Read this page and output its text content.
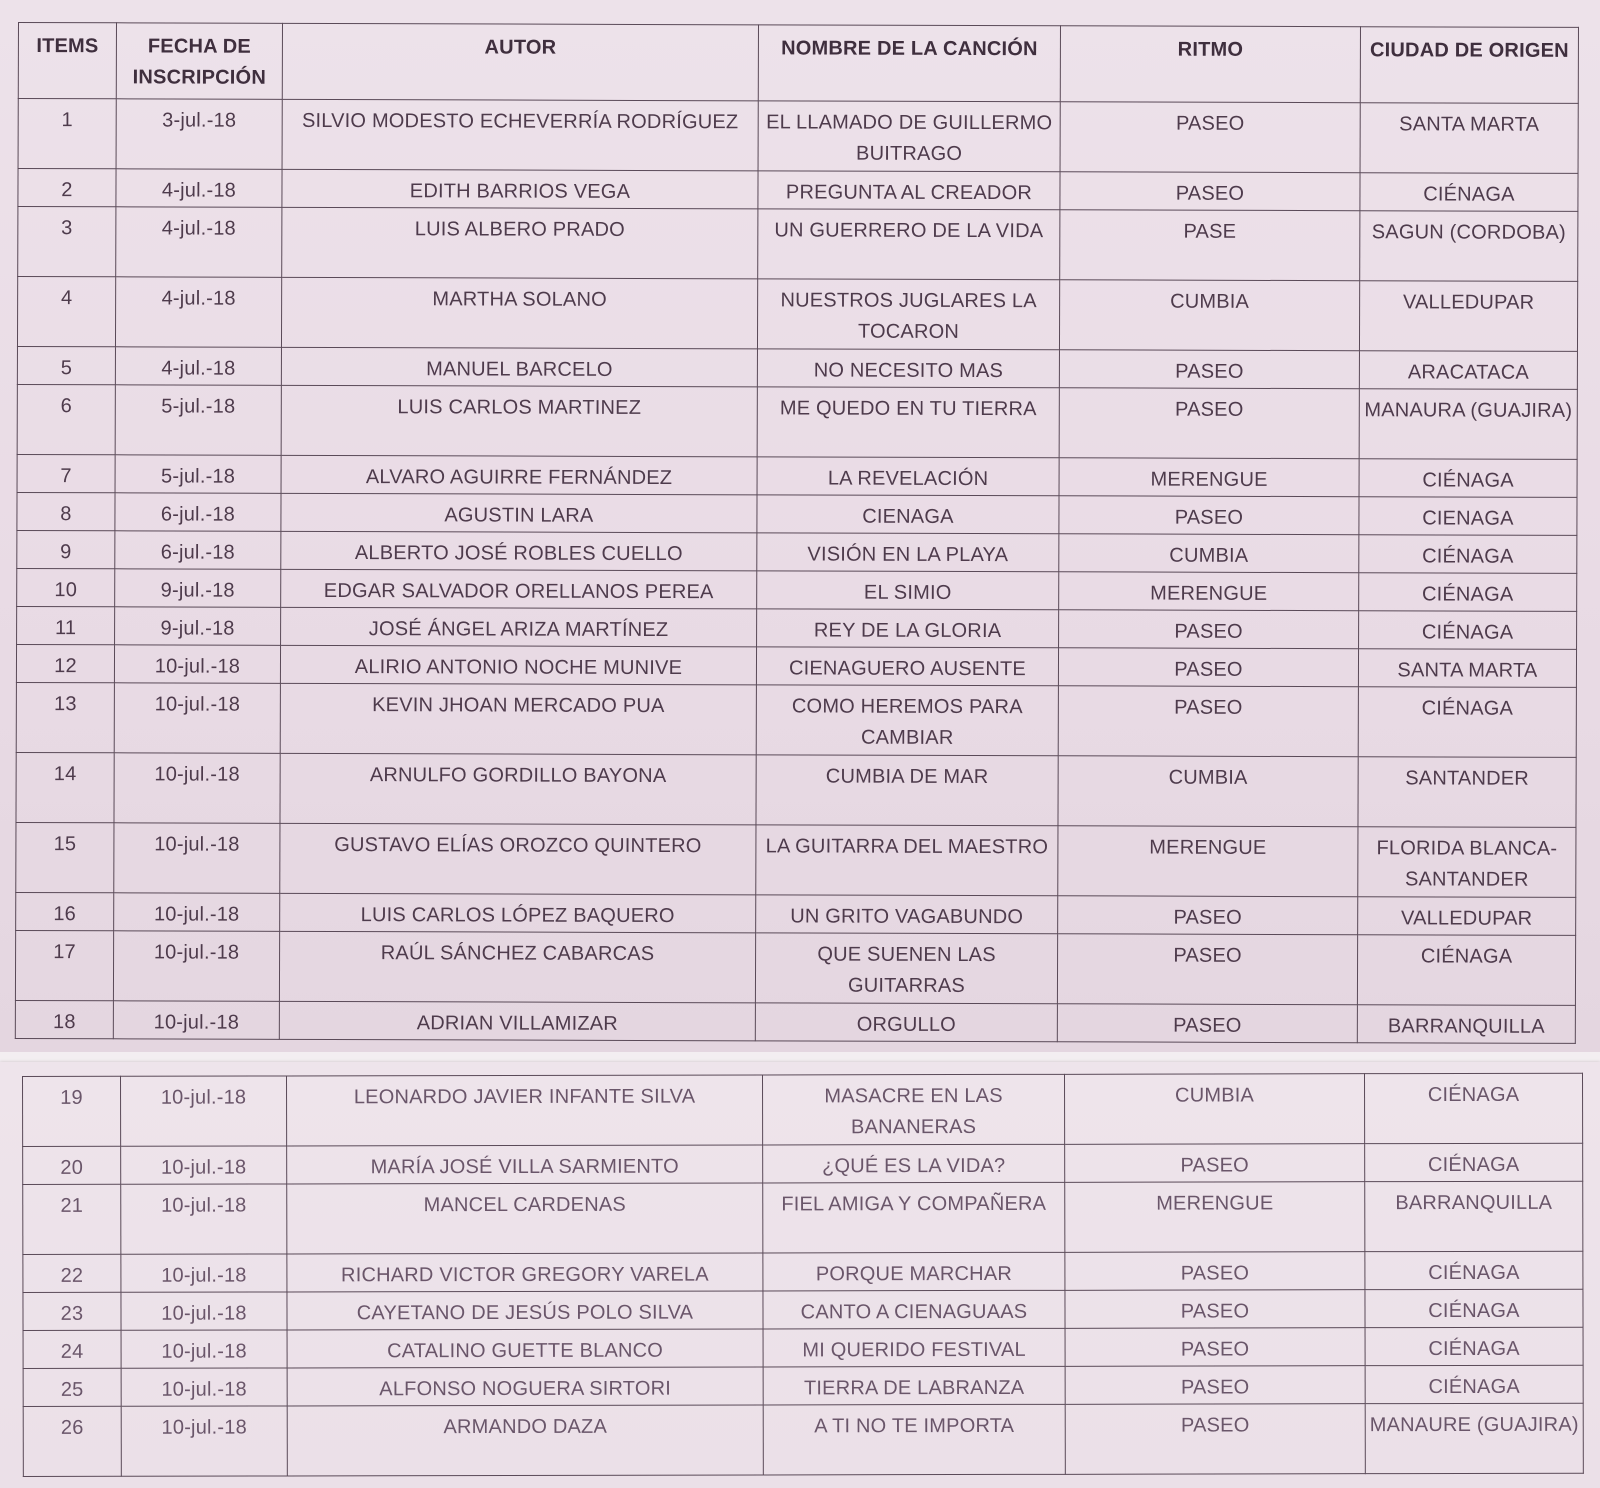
ITEMS	FECHA DE INSCRIPCIÓN	AUTOR	NOMBRE DE LA CANCIÓN	RITMO	CIUDAD DE ORIGEN
1	3-jul.-18	SILVIO MODESTO ECHEVERRÍA RODRÍGUEZ	EL LLAMADO DE GUILLERMO BUITRAGO	PASEO	SANTA MARTA
2	4-jul.-18	EDITH BARRIOS VEGA	PREGUNTA AL CREADOR	PASEO	CIÉNAGA
3	4-jul.-18	LUIS ALBERO PRADO	UN GUERRERO DE LA VIDA	PASE	SAGUN (CORDOBA)
4	4-jul.-18	MARTHA SOLANO	NUESTROS JUGLARES LA TOCARON	CUMBIA	VALLEDUPAR
5	4-jul.-18	MANUEL BARCELO	NO NECESITO MAS	PASEO	ARACATACA
6	5-jul.-18	LUIS CARLOS MARTINEZ	ME QUEDO EN TU TIERRA	PASEO	MANAURA (GUAJIRA)
7	5-jul.-18	ALVARO AGUIRRE FERNÁNDEZ	LA REVELACIÓN	MERENGUE	CIÉNAGA
8	6-jul.-18	AGUSTIN LARA	CIENAGA	PASEO	CIENAGA
9	6-jul.-18	ALBERTO JOSÉ ROBLES CUELLO	VISIÓN EN LA PLAYA	CUMBIA	CIÉNAGA
10	9-jul.-18	EDGAR SALVADOR ORELLANOS PEREA	EL SIMIO	MERENGUE	CIÉNAGA
11	9-jul.-18	JOSÉ ÁNGEL ARIZA MARTÍNEZ	REY DE LA GLORIA	PASEO	CIÉNAGA
12	10-jul.-18	ALIRIO ANTONIO NOCHE MUNIVE	CIENAGUERO AUSENTE	PASEO	SANTA MARTA
13	10-jul.-18	KEVIN JHOAN MERCADO PUA	COMO HEREMOS PARA CAMBIAR	PASEO	CIÉNAGA
14	10-jul.-18	ARNULFO GORDILLO BAYONA	CUMBIA DE MAR	CUMBIA	SANTANDER
15	10-jul.-18	GUSTAVO ELÍAS OROZCO QUINTERO	LA GUITARRA DEL MAESTRO	MERENGUE	FLORIDA BLANCA-SANTANDER
16	10-jul.-18	LUIS CARLOS LÓPEZ BAQUERO	UN GRITO VAGABUNDO	PASEO	VALLEDUPAR
17	10-jul.-18	RAÚL SÁNCHEZ CABARCAS	QUE SUENEN LAS GUITARRAS	PASEO	CIÉNAGA
18	10-jul.-18	ADRIAN VILLAMIZAR	ORGULLO	PASEO	BARRANQUILLA
19	10-jul.-18	LEONARDO JAVIER INFANTE SILVA	MASACRE EN LAS BANANERAS	CUMBIA	CIÉNAGA
20	10-jul.-18	MARÍA JOSÉ VILLA SARMIENTO	¿QUÉ ES LA VIDA?	PASEO	CIÉNAGA
21	10-jul.-18	MANCEL CARDENAS	FIEL AMIGA Y COMPAÑERA	MERENGUE	BARRANQUILLA
22	10-jul.-18	RICHARD VICTOR GREGORY VARELA	PORQUE MARCHAR	PASEO	CIÉNAGA
23	10-jul.-18	CAYETANO DE JESÚS POLO SILVA	CANTO A CIENAGUAAS	PASEO	CIÉNAGA
24	10-jul.-18	CATALINO GUETTE BLANCO	MI QUERIDO FESTIVAL	PASEO	CIÉNAGA
25	10-jul.-18	ALFONSO NOGUERA SIRTORI	TIERRA DE LABRANZA	PASEO	CIÉNAGA
26	10-jul.-18	ARMANDO DAZA	A TI NO TE IMPORTA	PASEO	MANAURE (GUAJIRA)
